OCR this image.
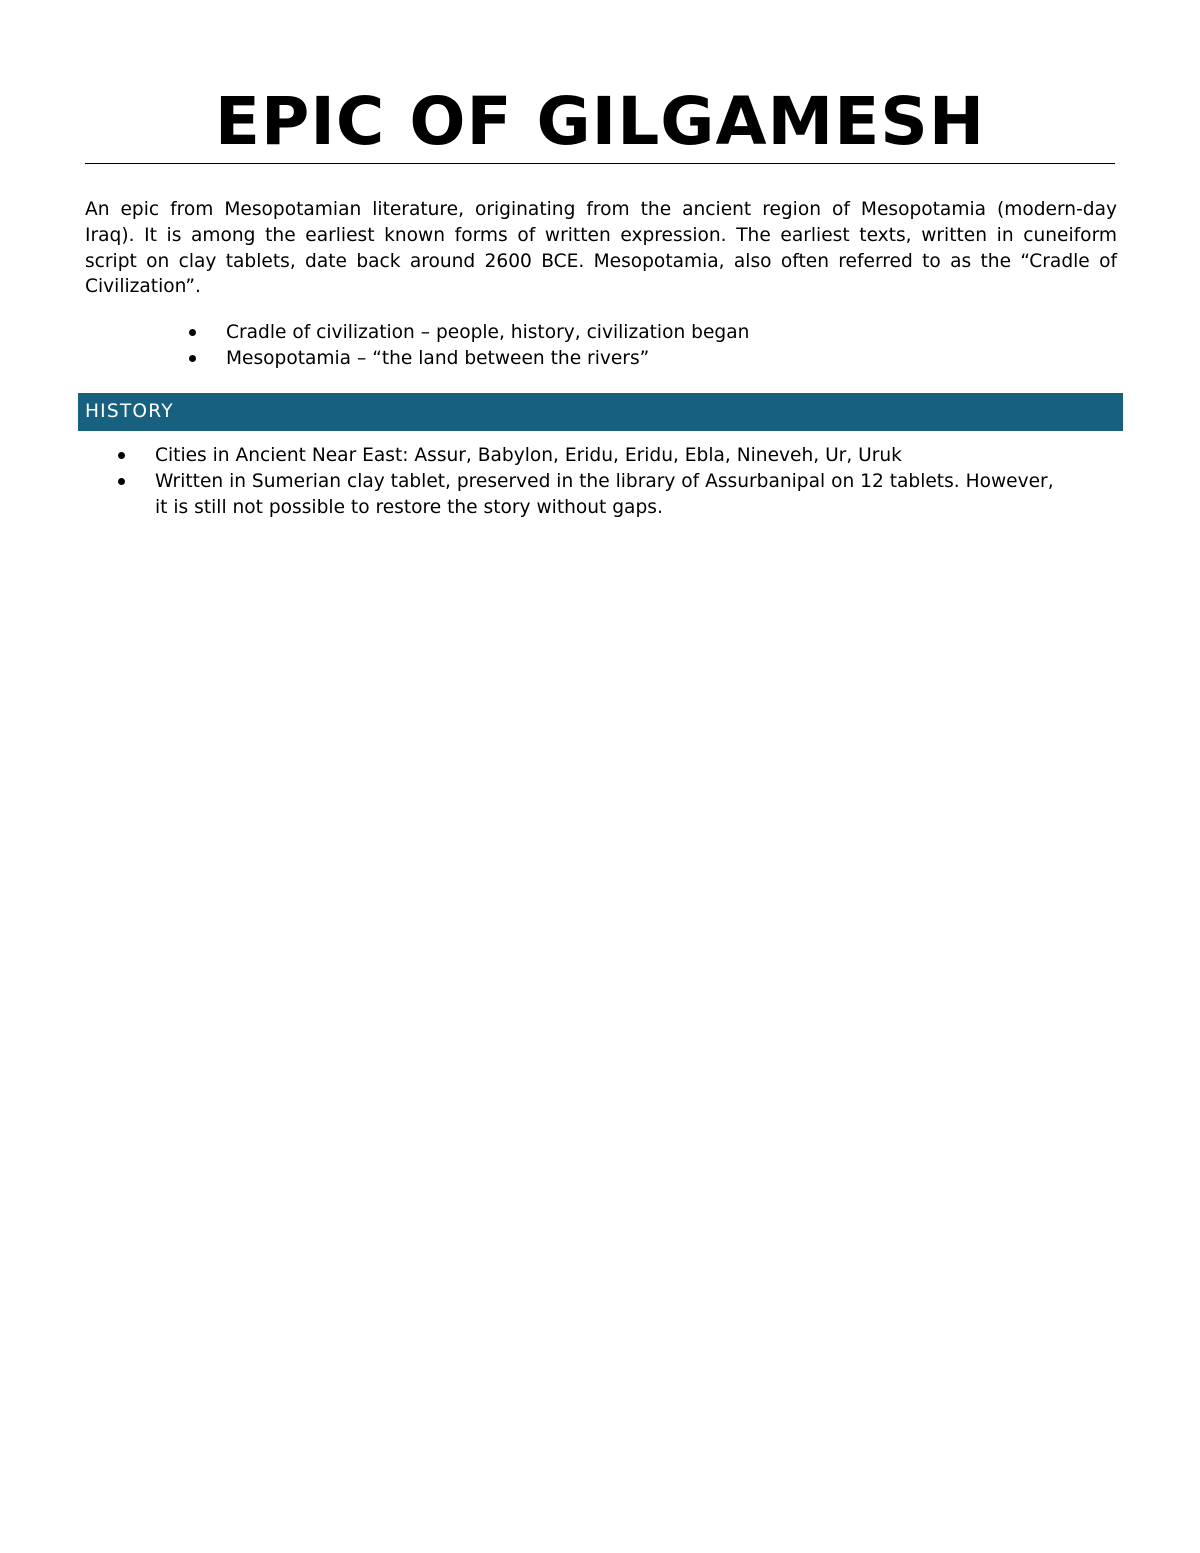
EPIC OF GILGAMESH

An epic from Mesopotamian literature, originating from the ancient region of Mesopotamia (modern-day
Iraq). It is among the earliest known forms of written expression. The earliest texts, written in cuneiform
script on clay tablets, date back around 2600 BCE. Mesopotamia, also often referred to as the “Cradle of
Civilization”.

Cradle of civilization – people, history, civilization began
Mesopotamia – “the land between the rivers”
HISTORY
Cities in Ancient Near East: Assur, Babylon, Eridu, Eridu, Ebla, Nineveh, Ur, Uruk
Written in Sumerian clay tablet, preserved in the library of Assurbanipal on 12 tablets. However,
it is still not possible to restore the story without gaps.
